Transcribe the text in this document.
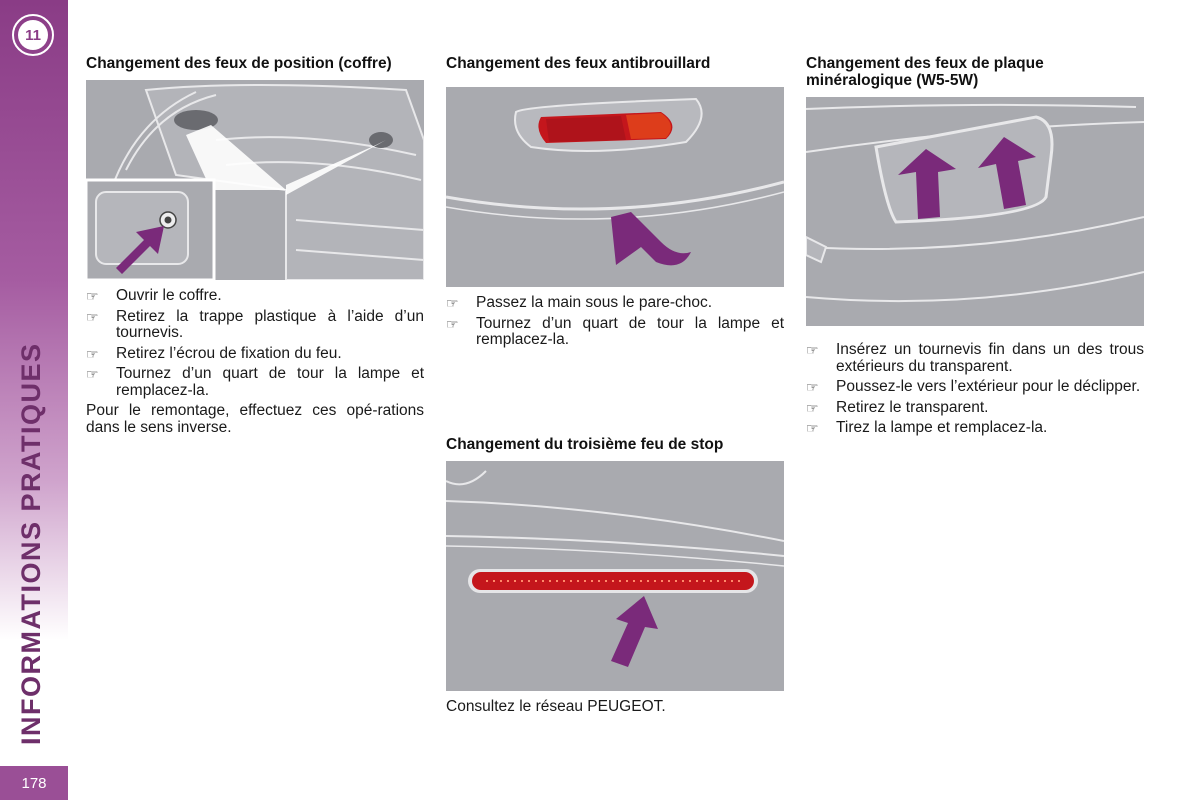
11
INFORMATIONS PRATIQUES
178
Changement des feux de position (coffre)
☞ Ouvrir le coffre.
☞ Retirez la trappe plastique à l’aide d’un tournevis.
☞ Retirez l’écrou de fixation du feu.
☞ Tournez d’un quart de tour la lampe et remplacez-la.

Pour le remontage, effectuez ces opé-rations dans le sens inverse.

Changement des feux antibrouillard
☞ Passez la main sous le pare-choc.
☞ Tournez d’un quart de tour la lampe et remplacez-la.
Changement du troisième feu de stop

Consultez le réseau PEUGEOT.

Changement des feux de plaque minéralogique (W5-5W)
☞ Insérez un tournevis fin dans un des trous extérieurs du transparent.
☞ Poussez-le vers l’extérieur pour le déclipper.
☞ Retirez le transparent.
☞ Tirez la lampe et remplacez-la.
